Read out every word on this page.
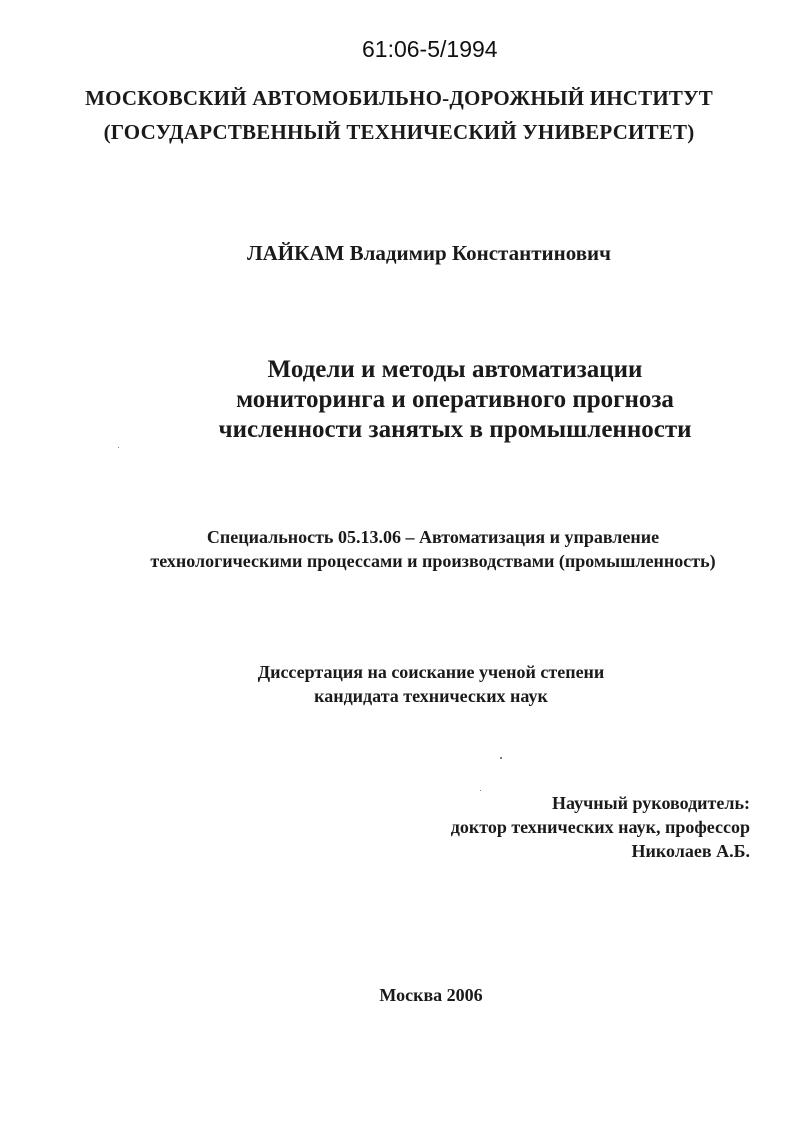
61:06-5/1994
МОСКОВСКИЙ АВТОМОБИЛЬНО-ДОРОЖНЫЙ ИНСТИТУТ
(ГОСУДАРСТВЕННЫЙ ТЕХНИЧЕСКИЙ УНИВЕРСИТЕТ)
ЛАЙКАМ Владимир Константинович
Модели и методы автоматизации
мониторинга и оперативного прогноза
численности занятых в промышленности
Специальность 05.13.06 – Автоматизация и управление
технологическими процессами и производствами (промышленность)
Диссертация на соискание ученой степени
кандидата технических наук
Научный руководитель:
доктор технических наук, профессор
Николаев А.Б.
Москва 2006
